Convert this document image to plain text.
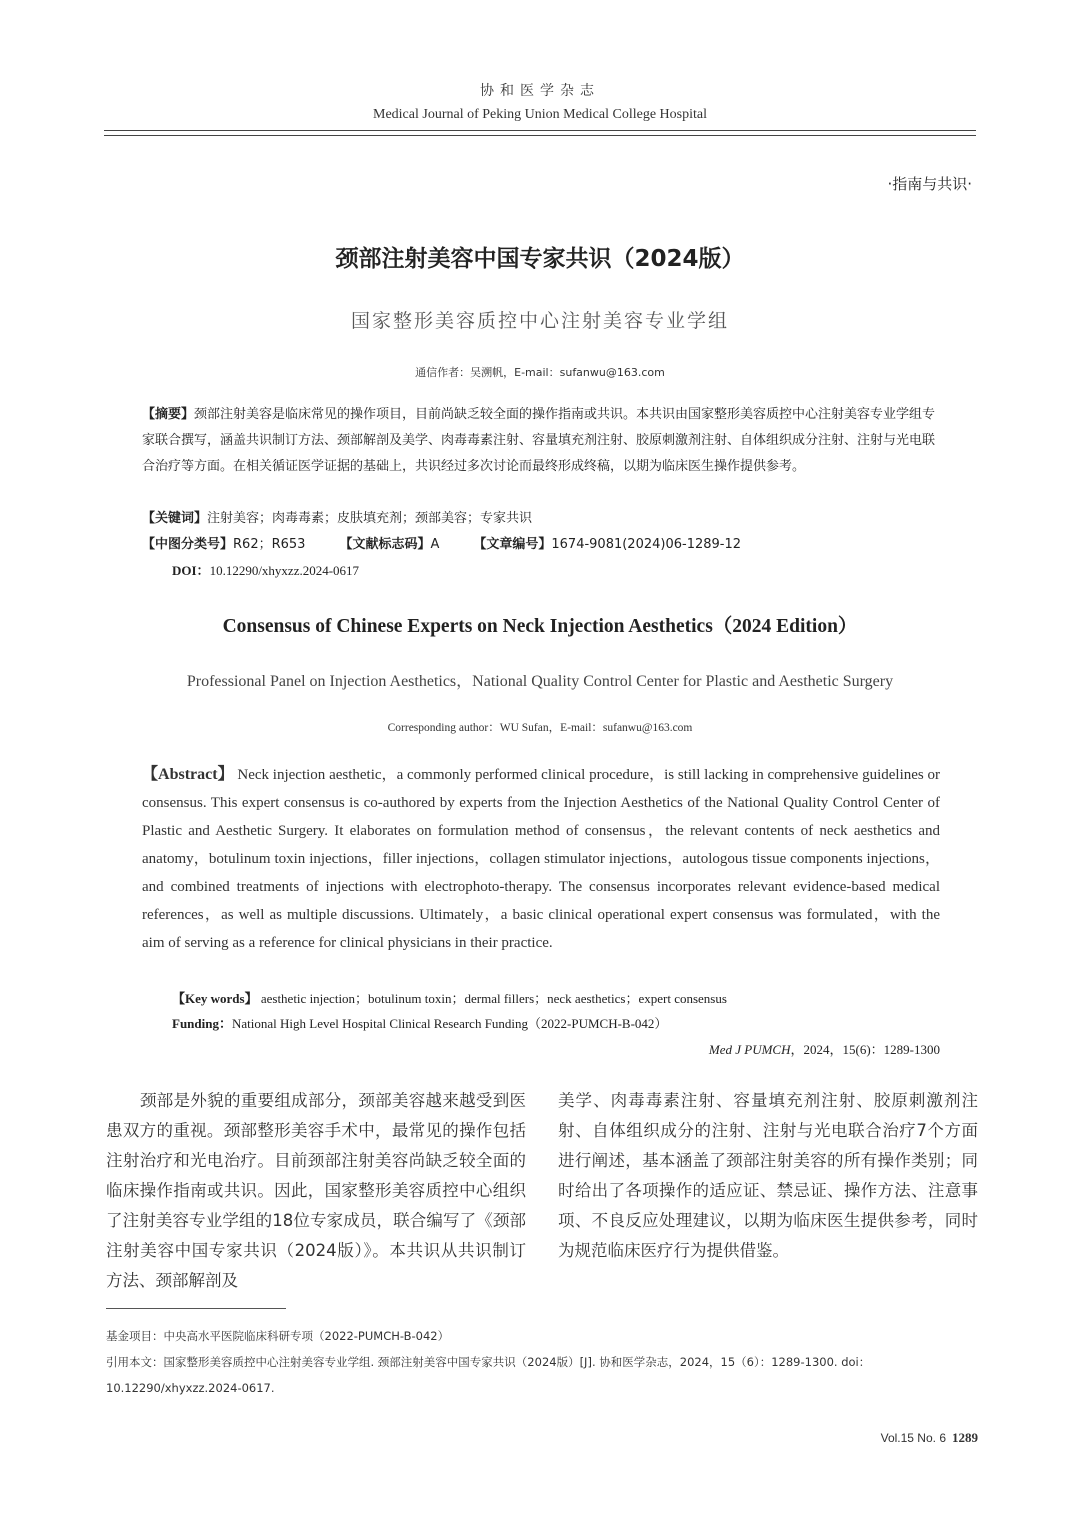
协和医学杂志
Medical Journal of Peking Union Medical College Hospital
·指南与共识·
颈部注射美容中国专家共识（2024版）
国家整形美容质控中心注射美容专业学组
通信作者：吴溯帆，E-mail：sufanwu@163.com
【摘要】颈部注射美容是临床常见的操作项目，目前尚缺乏较全面的操作指南或共识。本共识由国家整形美容质控中心注射美容专业学组专家联合撰写，涵盖共识制订方法、颈部解剖及美学、肉毒毒素注射、容量填充剂注射、胶原刺激剂注射、自体组织成分注射、注射与光电联合治疗等方面。在相关循证医学证据的基础上，共识经过多次讨论而最终形成终稿，以期为临床医生操作提供参考。
【关键词】注射美容；肉毒毒素；皮肤填充剂；颈部美容；专家共识
【中图分类号】R62；R653	【文献标志码】A	【文章编号】1674-9081(2024)06-1289-12
DOI：10.12290/xhyxzz.2024-0617
Consensus of Chinese Experts on Neck Injection Aesthetics（2024 Edition）
Professional Panel on Injection Aesthetics，National Quality Control Center for Plastic and Aesthetic Surgery
Corresponding author：WU Sufan，E-mail：sufanwu@163.com
【Abstract】 Neck injection aesthetic，a commonly performed clinical procedure，is still lacking in comprehensive guidelines or consensus. This expert consensus is co-authored by experts from the Injection Aesthetics of the National Quality Control Center of Plastic and Aesthetic Surgery. It elaborates on formulation method of consensus，the relevant contents of neck aesthetics and anatomy，botulinum toxin injections，filler injections，collagen stimulator injections，autologous tissue components injections，and combined treatments of injections with electrophoto-therapy. The consensus incorporates relevant evidence-based medical references，as well as multiple discussions. Ultimately，a basic clinical operational expert consensus was formulated，with the aim of serving as a reference for clinical physicians in their practice.
【Key words】 aesthetic injection；botulinum toxin；dermal fillers；neck aesthetics；expert consensus
Funding：National High Level Hospital Clinical Research Funding（2022-PUMCH-B-042）
Med J PUMCH，2024，15(6)：1289-1300
颈部是外貌的重要组成部分，颈部美容越来越受到医患双方的重视。颈部整形美容手术中，最常见的操作包括注射治疗和光电治疗。目前颈部注射美容尚缺乏较全面的临床操作指南或共识。因此，国家整形美容质控中心组织了注射美容专业学组的18位专家成员，联合编写了《颈部注射美容中国专家共识（2024版）》。本共识从共识制订方法、颈部解剖及
美学、肉毒毒素注射、容量填充剂注射、胶原刺激剂注射、自体组织成分的注射、注射与光电联合治疗7个方面进行阐述，基本涵盖了颈部注射美容的所有操作类别；同时给出了各项操作的适应证、禁忌证、操作方法、注意事项、不良反应处理建议，以期为临床医生提供参考，同时为规范临床医疗行为提供借鉴。
基金项目：中央高水平医院临床科研专项（2022-PUMCH-B-042）
引用本文：国家整形美容质控中心注射美容专业学组. 颈部注射美容中国专家共识（2024版）[J]. 协和医学杂志，2024，15（6）：1289-1300. doi：10.12290/xhyxzz.2024-0617.
Vol.15 No. 6 1289
